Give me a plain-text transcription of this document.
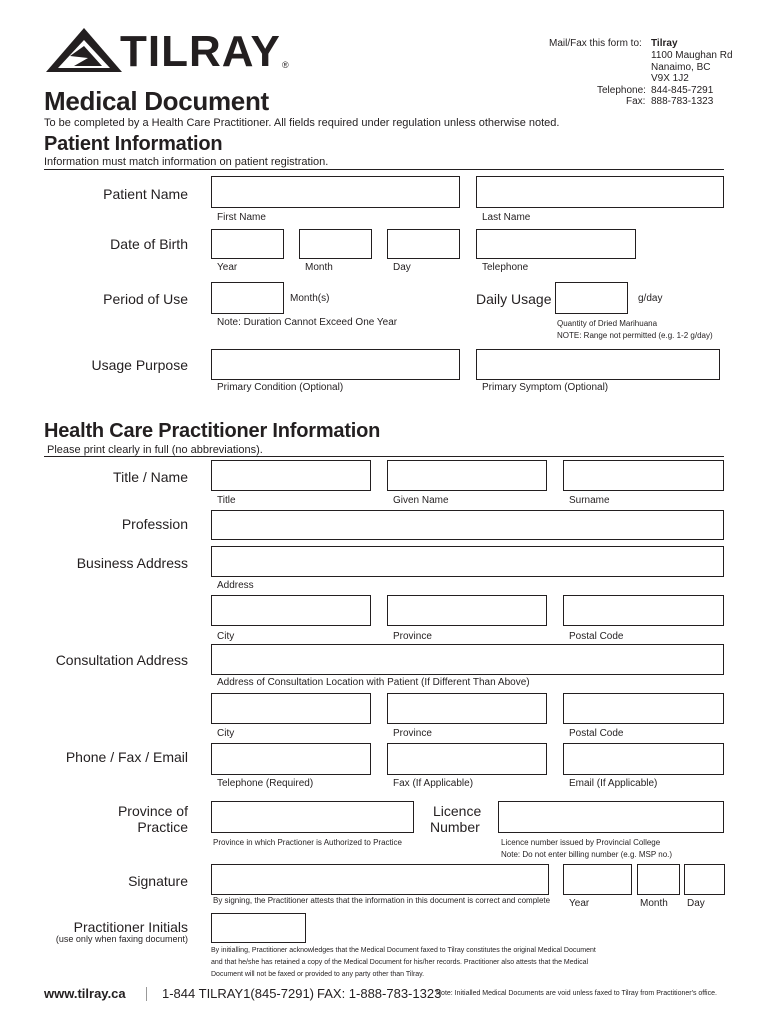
TILRAY ®
Mail/Fax this form to: Tilray
1100 Maughan Rd
Nanaimo, BC
V9X 1J2
Telephone: 844-845-7291
Fax: 888-783-1323
Medical Document
To be completed by a Health Care Practitioner. All fields required under regulation unless otherwise noted.
Patient Information
Information must match information on patient registration.
Patient Name
First Name	Last Name
Date of Birth
Year	Month	Day	Telephone
Period of Use	Month(s)
Note: Duration Cannot Exceed One Year
Daily Usage	g/day
Quantity of Dried Marihuana
NOTE: Range not permitted (e.g. 1-2 g/day)
Usage Purpose
Primary Condition (Optional)	Primary Symptom (Optional)
Health Care Practitioner Information
Please print clearly in full (no abbreviations).
Title / Name
Title	Given Name	Surname
Profession
Business Address
Address
City	Province	Postal Code
Consultation Address
Address of Consultation Location with Patient (If Different Than Above)
City	Province	Postal Code
Phone / Fax / Email
Telephone (Required)	Fax (If Applicable)	Email (If Applicable)
Province of
Practice
Province in which Practioner is Authorized to Practice
Licence
Number
Licence number issued by Provincial College
Note: Do not enter billing number (e.g. MSP no.)
Signature
By signing, the Practitioner attests that the information in this document is correct and complete Year	Month Day
Practitioner Initials
(use only when faxing document)
By initialling, Practitioner acknowledges that the Medical Document faxed to Tilray constitutes the original Medical Document
and that he/she has retained a copy of the Medical Document for his/her records. Practitioner also attests that the Medical
Document will not be faxed or provided to any party other than Tilray.
www.tilray.ca	1-844 TILRAY1(845-7291) FAX: 1-888-783-1323
Note: Initialled Medical Documents are void unless faxed to Tilray from Practitioner's office.
